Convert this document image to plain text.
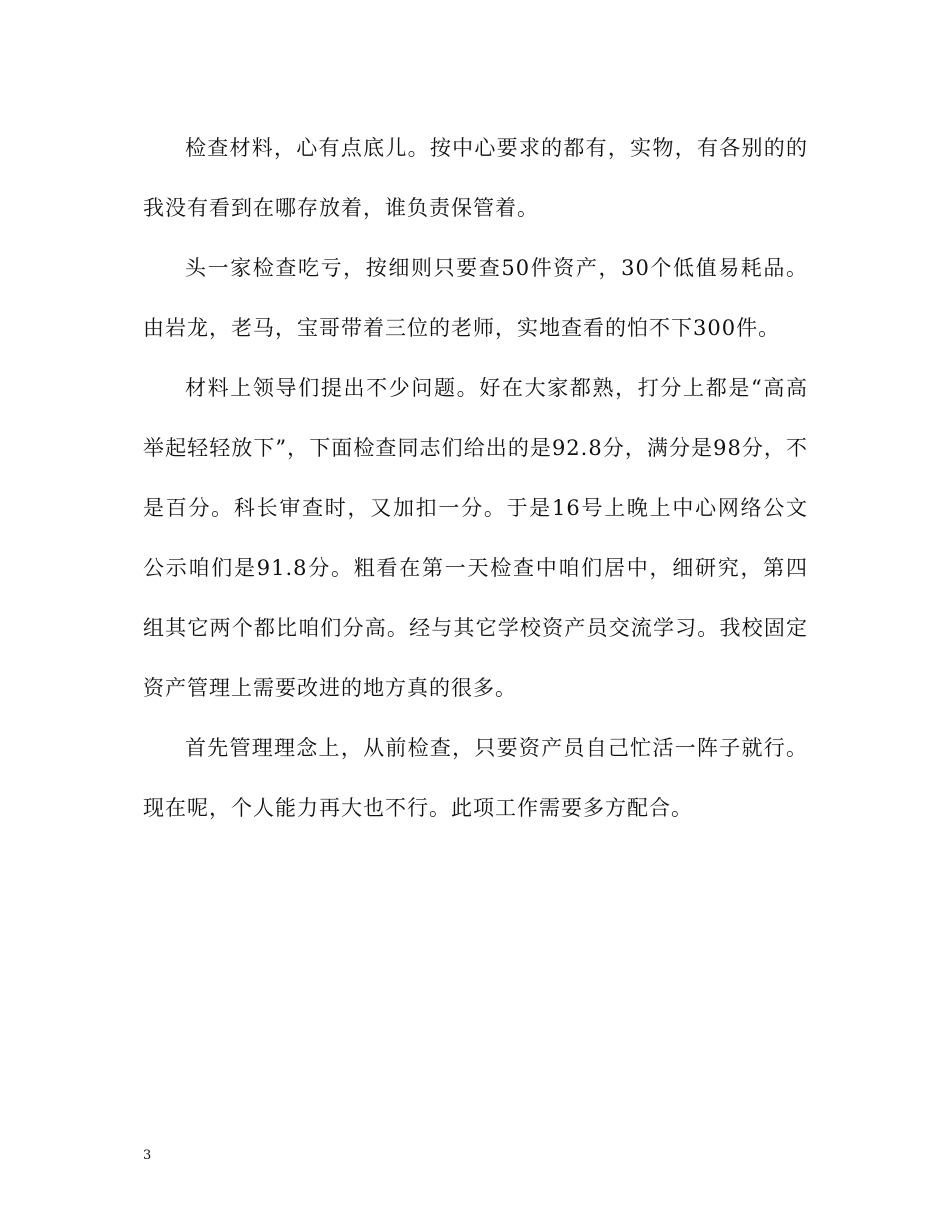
检查材料，心有点底儿。按中心要求的都有，实物，有各别的的我没有看到在哪存放着，谁负责保管着。

头一家检查吃亏，按细则只要查50件资产，30个低值易耗品。由岩龙，老马，宝哥带着三位的老师，实地查看的怕不下300件。

材料上领导们提出不少问题。好在大家都熟，打分上都是“高高举起轻轻放下”，下面检查同志们给出的是92.8分，满分是98分，不是百分。科长审查时，又加扣一分。于是16号上晚上中心网络公文公示咱们是91.8分。粗看在第一天检查中咱们居中，细研究，第四组其它两个都比咱们分高。经与其它学校资产员交流学习。我校固定资产管理上需要改进的地方真的很多。

首先管理理念上，从前检查，只要资产员自己忙活一阵子就行。现在呢，个人能力再大也不行。此项工作需要多方配合。

3
